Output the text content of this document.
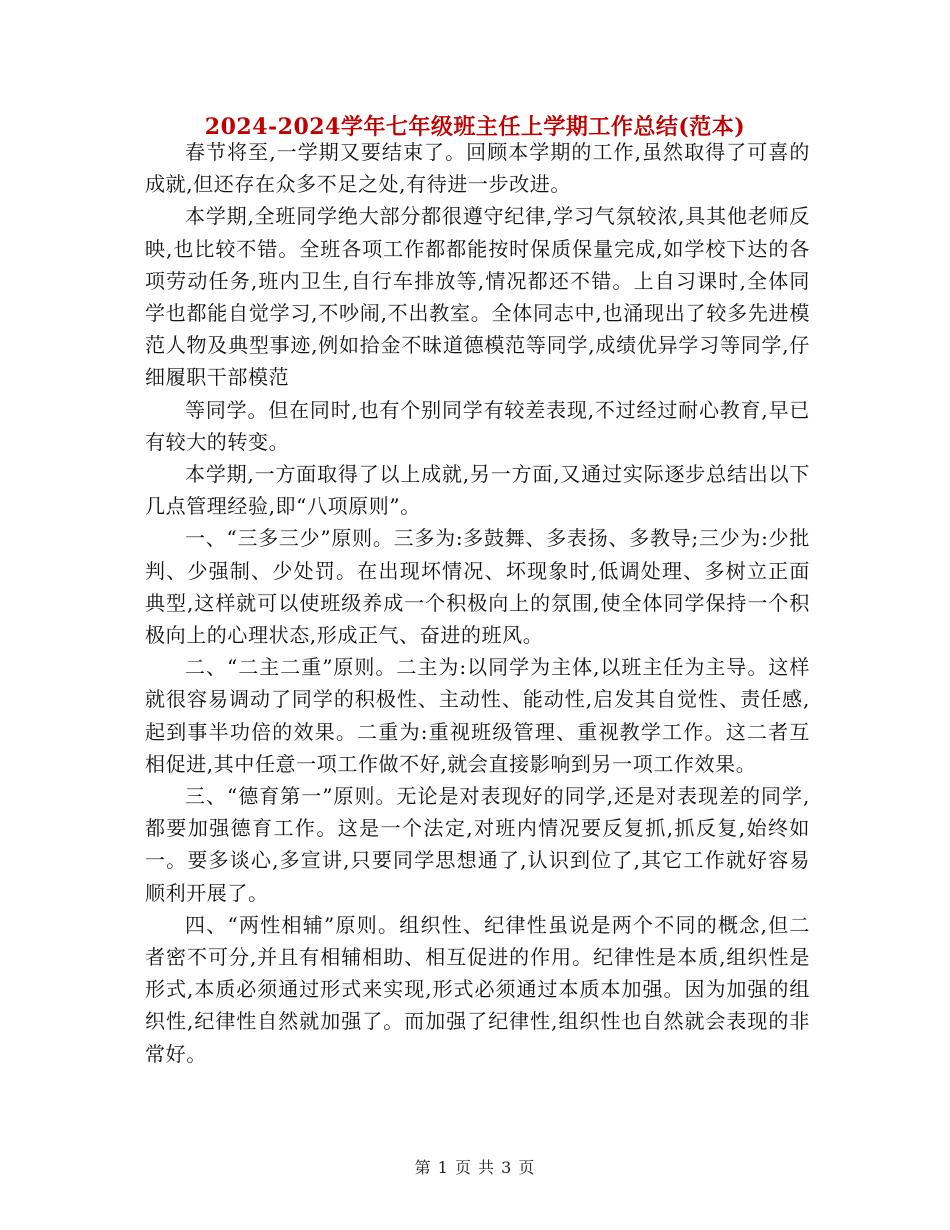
2024-2024学年七年级班主任上学期工作总结(范本)

春节将至,一学期又要结束了。回顾本学期的工作,虽然取得了可喜的成就,但还存在众多不足之处,有待进一步改进。

本学期,全班同学绝大部分都很遵守纪律,学习气氛较浓,具其他老师反映,也比较不错。全班各项工作都都能按时保质保量完成,如学校下达的各项劳动任务,班内卫生,自行车排放等,情况都还不错。上自习课时,全体同学也都能自觉学习,不吵闹,不出教室。全体同志中,也涌现出了较多先进模范人物及典型事迹,例如拾金不昧道德模范等同学,成绩优异学习等同学,仔细履职干部模范

等同学。但在同时,也有个别同学有较差表现,不过经过耐心教育,早已有较大的转变。

本学期,一方面取得了以上成就,另一方面,又通过实际逐步总结出以下几点管理经验,即“八项原则”。

一、“三多三少”原则。三多为:多鼓舞、多表扬、多教导;三少为:少批判、少强制、少处罚。在出现坏情况、坏现象时,低调处理、多树立正面典型,这样就可以使班级养成一个积极向上的氛围,使全体同学保持一个积极向上的心理状态,形成正气、奋进的班风。

二、“二主二重”原则。二主为:以同学为主体,以班主任为主导。这样就很容易调动了同学的积极性、主动性、能动性,启发其自觉性、责任感,起到事半功倍的效果。二重为:重视班级管理、重视教学工作。这二者互相促进,其中任意一项工作做不好,就会直接影响到另一项工作效果。

三、“德育第一”原则。无论是对表现好的同学,还是对表现差的同学,都要加强德育工作。这是一个法定,对班内情况要反复抓,抓反复,始终如一。要多谈心,多宣讲,只要同学思想通了,认识到位了,其它工作就好容易顺利开展了。

四、“两性相辅”原则。组织性、纪律性虽说是两个不同的概念,但二者密不可分,并且有相辅相助、相互促进的作用。纪律性是本质,组织性是形式,本质必须通过形式来实现,形式必须通过本质本加强。因为加强的组织性,纪律性自然就加强了。而加强了纪律性,组织性也自然就会表现的非常好。

第 1 页 共 3 页
